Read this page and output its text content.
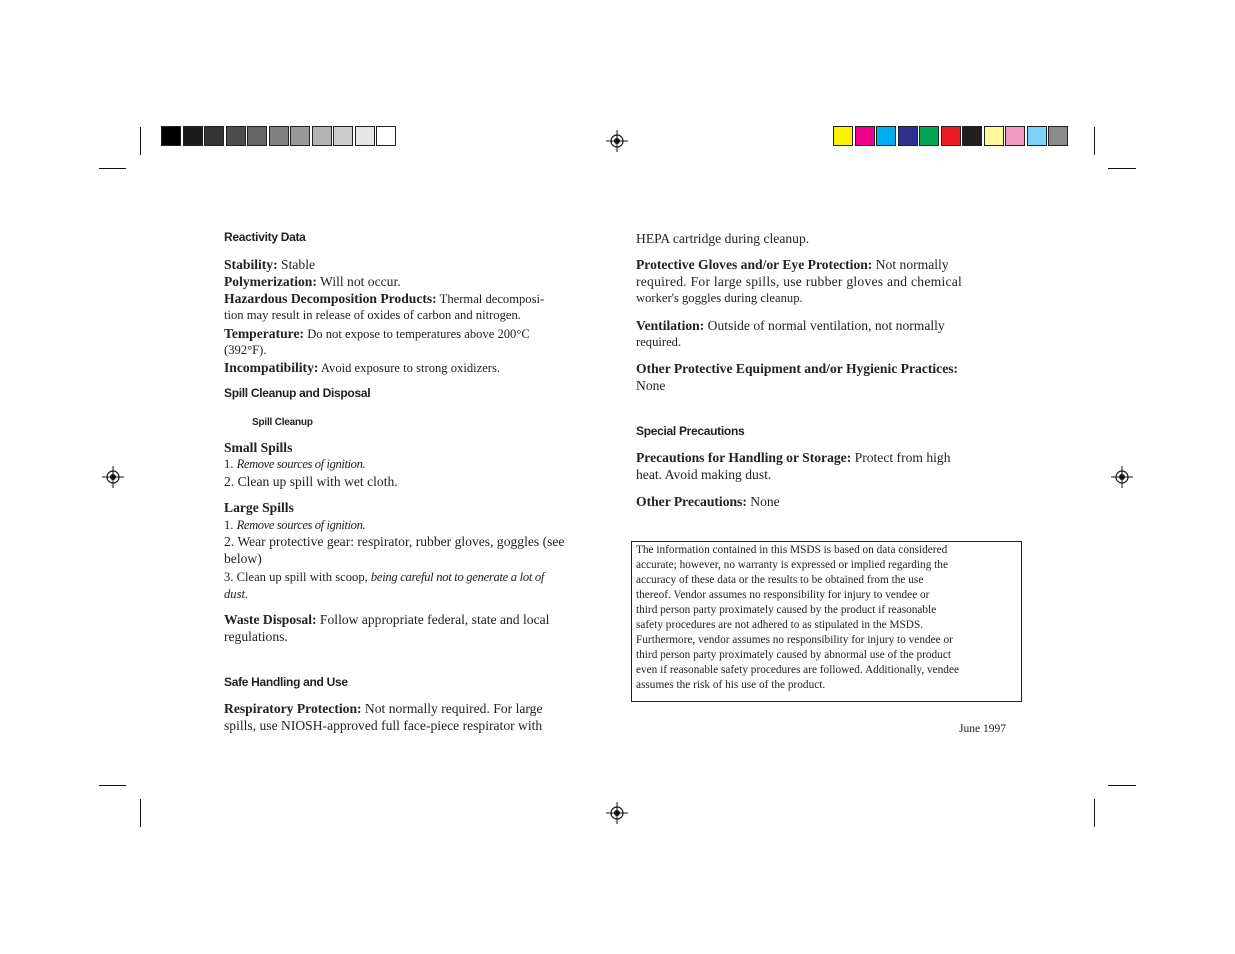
Reactivity Data
Stability: Stable
Polymerization: Will not occur.
Hazardous Decomposition Products: Thermal decomposi-
tion may result in release of oxides of carbon and nitrogen.
Temperature: Do not expose to temperatures above 200°C
(392°F).
Incompatibility: Avoid exposure to strong oxidizers.
Spill Cleanup and Disposal
Spill Cleanup
Small Spills
1. Remove sources of ignition.
2. Clean up spill with wet cloth.
Large Spills
1. Remove sources of ignition.
2. Wear protective gear: respirator, rubber gloves, goggles (see
below)
3. Clean up spill with scoop, being careful not to generate a lot of
dust.
Waste Disposal: Follow appropriate federal, state and local
regulations.
Safe Handling and Use
Respiratory Protection: Not normally required. For large
spills, use NIOSH-approved full face-piece respirator with
HEPA cartridge during cleanup.
Protective Gloves and/or Eye Protection: Not normally
required. For large spills, use rubber gloves and chemical
worker's goggles during cleanup.
Ventilation: Outside of normal ventilation, not normally
required.
Other Protective Equipment and/or Hygienic Practices:
None
Special Precautions
Precautions for Handling or Storage: Protect from high
heat. Avoid making dust.
Other Precautions: None
June 1997
The information contained in this MSDS is based on data considered
accurate; however, no warranty is expressed or implied regarding the
accuracy of these data or the results to be obtained from the use
thereof. Vendor assumes no responsibility for injury to vendee or
third person party proximately caused by the product if reasonable
safety procedures are not adhered to as stipulated in the MSDS.
Furthermore, vendor assumes no responsibility for injury to vendee or
third person party proximately caused by abnormal use of the product
even if reasonable safety procedures are followed. Additionally, vendee
assumes the risk of his use of the product.
